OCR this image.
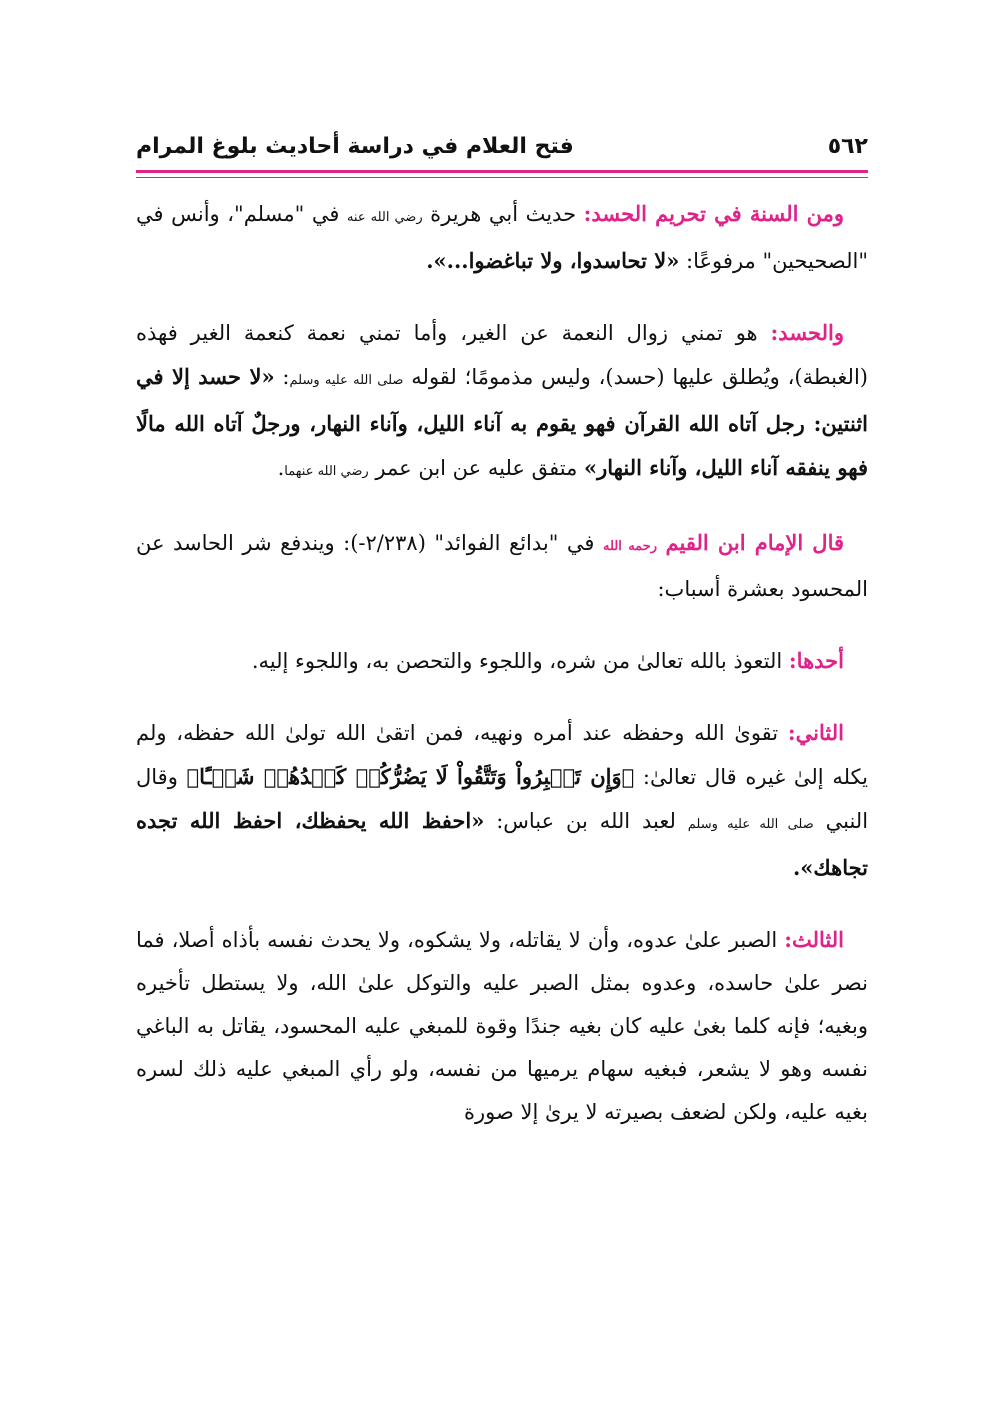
٥٦٢
فتح العلام في دراسة أحاديث بلوغ المرام

ومن السنة في تحريم الحسد: حديث أبي هريرة رضي الله عنه في "مسلم"، وأنس في "الصحيحين" مرفوعًا: «لا تحاسدوا، ولا تباغضوا...».

والحسد: هو تمني زوال النعمة عن الغير، وأما تمني نعمة كنعمة الغير فهذه (الغبطة)، ويُطلق عليها (حسد)، وليس مذمومًا؛ لقوله صلى الله عليه وسلم: «لا حسد إلا في اثنتين: رجل آتاه الله القرآن فهو يقوم به آناء الليل، وآناء النهار، ورجلٌ آتاه الله مالًا فهو ينفقه آناء الليل، وآناء النهار» متفق عليه عن ابن عمر رضي الله عنهما.

قال الإمام ابن القيم رحمه الله في "بدائع الفوائد" (٢/٢٣٨-): ويندفع شر الحاسد عن المحسود بعشرة أسباب:

أحدها: التعوذ بالله تعالىٰ من شره، واللجوء والتحصن به، واللجوء إليه.

الثاني: تقوىٰ الله وحفظه عند أمره ونهيه، فمن اتقىٰ الله تولىٰ الله حفظه، ولم يكله إلىٰ غيره قال تعالىٰ: ﴿وَإِن تَصۡبِرُواْ وَتَتَّقُواْ لَا يَضُرُّكُمۡ كَيۡدُهُمۡ شَيۡـًٔا﴾ وقال النبي صلى الله عليه وسلم لعبد الله بن عباس: «احفظ الله يحفظك، احفظ الله تجده تجاهك».

الثالث: الصبر علىٰ عدوه، وأن لا يقاتله، ولا يشكوه، ولا يحدث نفسه بأذاه أصلا، فما نصر علىٰ حاسده، وعدوه بمثل الصبر عليه والتوكل علىٰ الله، ولا يستطل تأخيره وبغيه؛ فإنه كلما بغىٰ عليه كان بغيه جندًا وقوة للمبغي عليه المحسود، يقاتل به الباغي نفسه وهو لا يشعر، فبغيه سهام يرميها من نفسه، ولو رأي المبغي عليه ذلك لسره بغيه عليه، ولكن لضعف بصيرته لا يرىٰ إلا صورة
